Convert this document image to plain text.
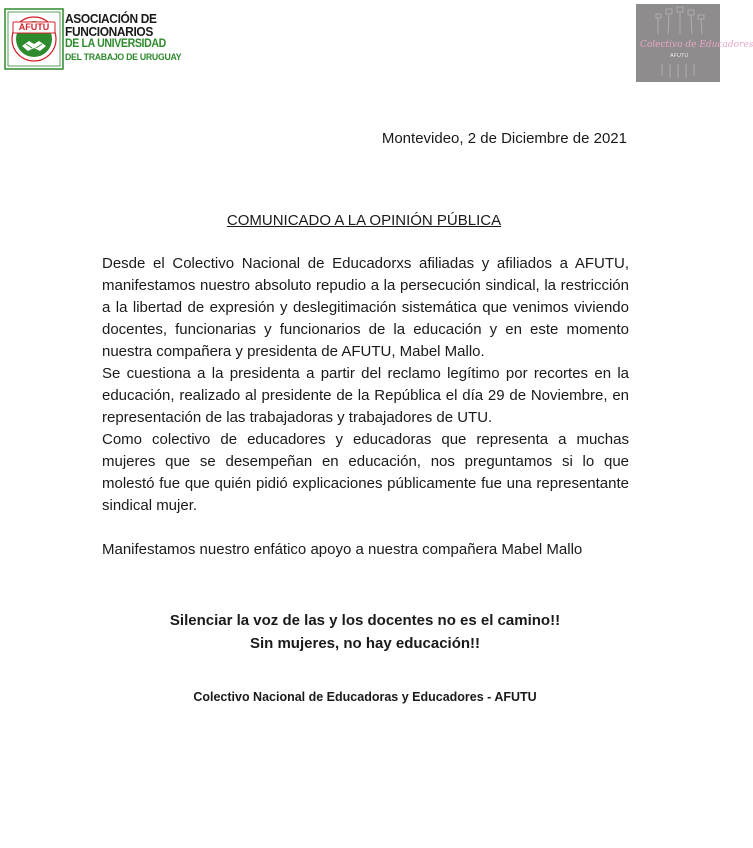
AFUTU
ASOCIACIÓN DE
FUNCIONARIOS
DE LA UNIVERSIDAD
DEL TRABAJO DE URUGUAY
Colectivo de Educadores
AFUTU
Montevideo, 2 de Diciembre de 2021
COMUNICADO A LA OPINIÓN PÚBLICA

Desde el Colectivo Nacional de Educadorxs afiliadas y afiliados a AFUTU, manifestamos nuestro absoluto repudio a la persecución sindical, la restricción a la libertad de expresión y deslegitimación sistemática que venimos viviendo docentes, funcionarias y funcionarios de la educación y en este momento nuestra compañera y presidenta de AFUTU, Mabel Mallo.

Se cuestiona a la presidenta a partir del reclamo legítimo por recortes en la educación, realizado al presidente de la República el día 29 de Noviembre, en representación de las trabajadoras y trabajadores de UTU.

Como colectivo de educadores y educadoras que representa a muchas mujeres que se desempeñan en educación, nos preguntamos si lo que molestó fue que quién pidió explicaciones públicamente fue una representante sindical mujer.

Manifestamos nuestro enfático apoyo a nuestra compañera Mabel Mallo

Silenciar la voz de las y los docentes no es el camino!!
Sin mujeres, no hay educación!!
Colectivo Nacional de Educadoras y Educadores - AFUTU
